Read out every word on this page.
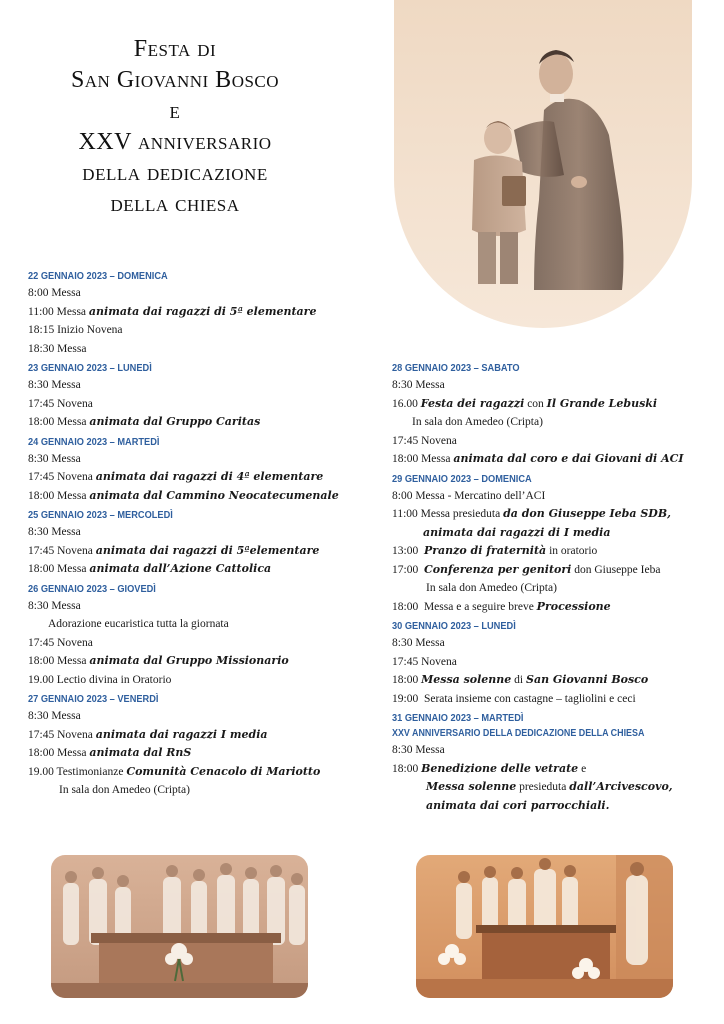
Festa di
San Giovanni Bosco
e
XXV anniversario
della dedicazione
della chiesa
22 GENNAIO 2023 – DOMENICA
8:00 Messa
11:00 Messa animata dai ragazzi di 5ª elementare
18:15 Inizio Novena
18:30 Messa
23 GENNAIO 2023 – LUNEDÌ
8:30 Messa
17:45 Novena
18:00 Messa animata dal Gruppo Caritas
24 GENNAIO 2023 – MARTEDÌ
8:30 Messa
17:45 Novena animata dai ragazzi di 4ª elementare
18:00 Messa animata dal Cammino Neocatecumenale
25 GENNAIO 2023 – MERCOLEDÌ
8:30 Messa
17:45 Novena animata dai ragazzi di 5ªelementare
18:00 Messa animata dall’Azione Cattolica
26 GENNAIO 2023 – GIOVEDÌ
8:30 Messa
Adorazione eucaristica tutta la giornata
17:45 Novena
18:00 Messa animata dal Gruppo Missionario
19.00 Lectio divina in Oratorio
27 GENNAIO 2023 – VENERDÌ
8:30 Messa
17:45 Novena animata dai ragazzi I media
18:00 Messa animata dal RnS
19.00 Testimonianze Comunità Cenacolo di Mariotto
In sala don Amedeo (Cripta)
28 GENNAIO 2023 – SABATO
8:30 Messa
16.00 Festa dei ragazzi con Il Grande Lebuski
In sala don Amedeo (Cripta)
17:45 Novena
18:00 Messa animata dal coro e dai Giovani di ACI
29 GENNAIO 2023 – DOMENICA
8:00 Messa - Mercatino dell’ACI
11:00 Messa presieduta da don Giuseppe Ieba SDB,
animata dai ragazzi di I media
13:00 Pranzo di fraternità in oratorio
17:00 Conferenza per genitori don Giuseppe Ieba
In sala don Amedeo (Cripta)
18:00 Messa e a seguire breve Processione
30 GENNAIO 2023 – LUNEDÌ
8:30 Messa
17:45 Novena
18:00 Messa solenne di San Giovanni Bosco
19:00 Serata insieme con castagne – tagliolini e ceci
31 GENNAIO 2023 – MARTEDÌ
XXV ANNIVERSARIO DELLA DEDICAZIONE DELLA CHIESA
8:30 Messa
18:00 Benedizione delle vetrate e
Messa solenne presieduta dall’Arcivescovo,
animata dai cori parrocchiali.
